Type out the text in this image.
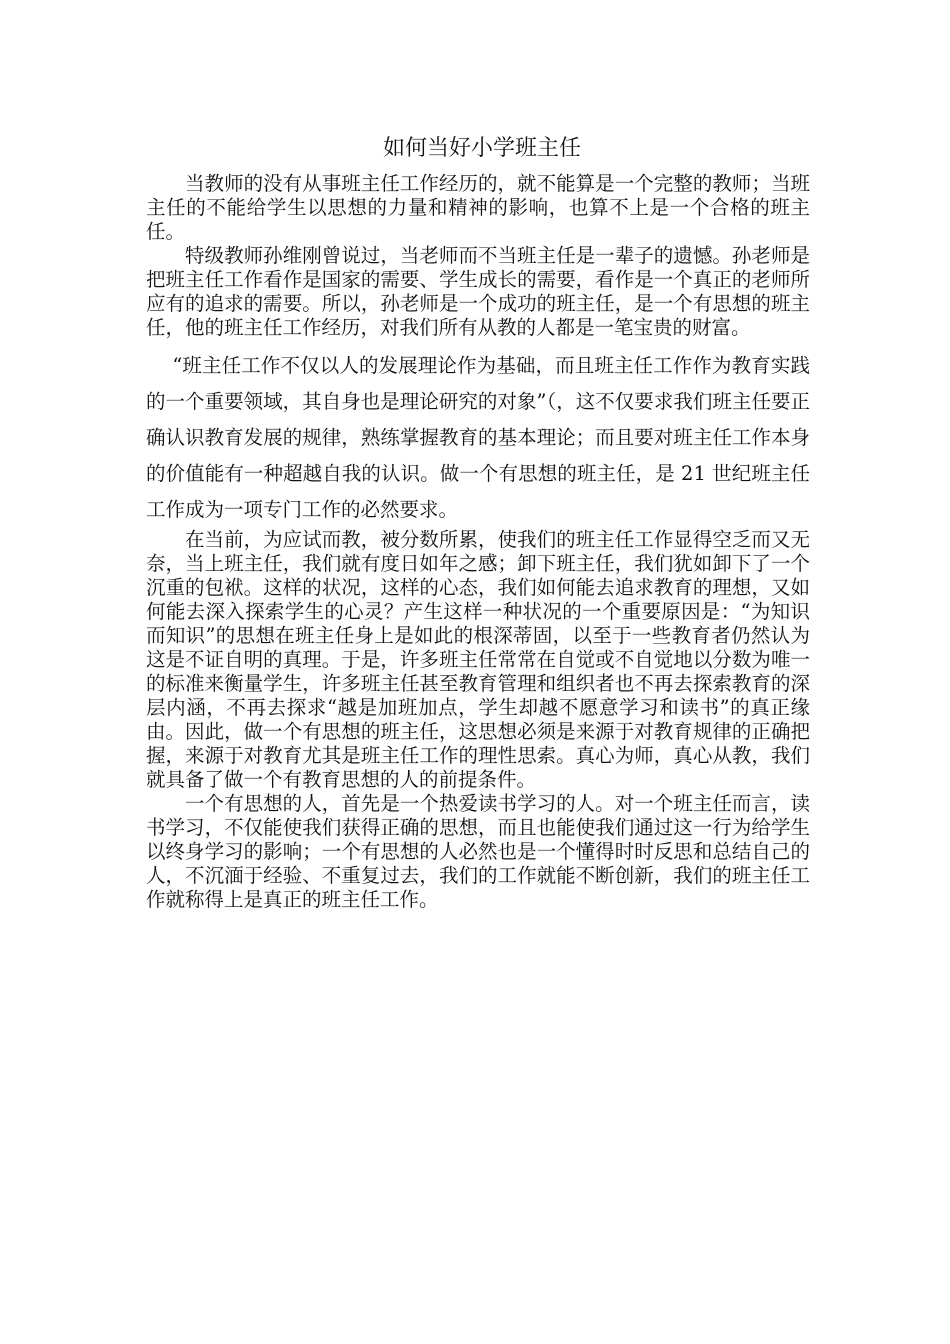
如何当好小学班主任

当教师的没有从事班主任工作经历的，就不能算是一个完整的教师；当班主任的不能给学生以思想的力量和精神的影响，也算不上是一个合格的班主任。

特级教师孙维刚曾说过，当老师而不当班主任是一辈子的遗憾。孙老师是把班主任工作看作是国家的需要、学生成长的需要，看作是一个真正的老师所应有的追求的需要。所以，孙老师是一个成功的班主任，是一个有思想的班主任，他的班主任工作经历，对我们所有从教的人都是一笔宝贵的财富。

“班主任工作不仅以人的发展理论作为基础，而且班主任工作作为教育实践的一个重要领域，其自身也是理论研究的对象”（，这不仅要求我们班主任要正确认识教育发展的规律，熟练掌握教育的基本理论；而且要对班主任工作本身的价值能有一种超越自我的认识。做一个有思想的班主任，是 21 世纪班主任工作成为一项专门工作的必然要求。

在当前，为应试而教，被分数所累，使我们的班主任工作显得空乏而又无奈，当上班主任，我们就有度日如年之感；卸下班主任，我们犹如卸下了一个沉重的包袱。这样的状况，这样的心态，我们如何能去追求教育的理想，又如何能去深入探索学生的心灵？产生这样一种状况的一个重要原因是：“为知识而知识”的思想在班主任身上是如此的根深蒂固，以至于一些教育者仍然认为这是不证自明的真理。于是，许多班主任常常在自觉或不自觉地以分数为唯一的标准来衡量学生，许多班主任甚至教育管理和组织者也不再去探索教育的深层内涵，不再去探求“越是加班加点，学生却越不愿意学习和读书”的真正缘由。因此，做一个有思想的班主任，这思想必须是来源于对教育规律的正确把握，来源于对教育尤其是班主任工作的理性思索。真心为师，真心从教，我们就具备了做一个有教育思想的人的前提条件。

一个有思想的人，首先是一个热爱读书学习的人。对一个班主任而言，读书学习，不仅能使我们获得正确的思想，而且也能使我们通过这一行为给学生以终身学习的影响；一个有思想的人必然也是一个懂得时时反思和总结自己的人，不沉湎于经验、不重复过去，我们的工作就能不断创新，我们的班主任工作就称得上是真正的班主任工作。
